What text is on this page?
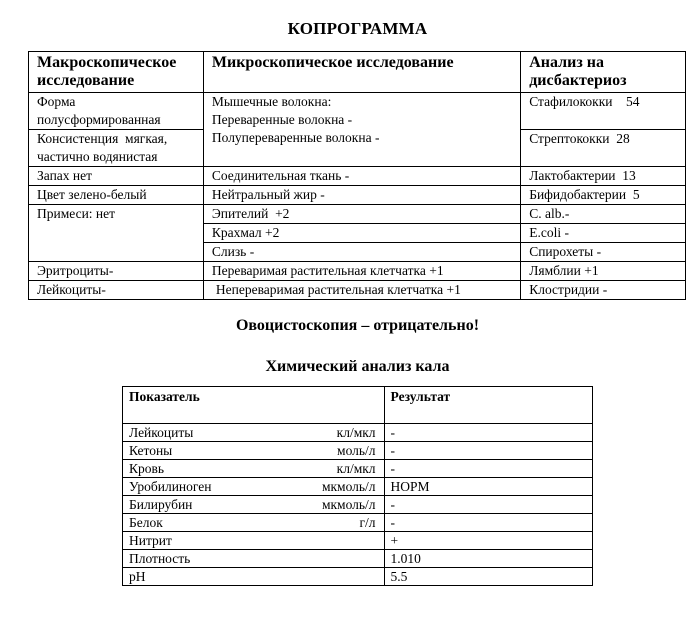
КОПРОГРАММА
Макроскопическое
исследование	Микроскопическое исследование	Анализ на
дисбактериоз

Форма
полусформированная	Мышечные волокна:
Переваренные волокна -
Полупереваренные волокна -	Стафилококки    54

Консистенция  мягкая,
частично водянистая		Стрептококки  28
Запах нет	Соединительная ткань -	Лактобактерии  13
Цвет зелено-белый	Нейтральный жир -	Бифидобактерии  5
Примеси: нет	Эпителий  +2	C. alb.-
	Крахмал +2	E.coli -
	Слизь -	Спирохеты -
Эритроциты-	Переваримая растительная клетчатка +1	Лямблии +1
Лейкоциты-	Непереваримая растительная клетчатка +1	Клостридии -
Овоцистоскопия – отрицательно!
Химический анализ кала
Показатель	Результат

Лейкоциты кл/мкл	-

Кетоны моль/л	-

Кровь кл/мкл	-

Уробилиноген мкмоль/л	НОРМ

Билирубин мкмоль/л	-

Белок г/л	-

Нитрит	+

Плотность	1.010

pH	5.5
